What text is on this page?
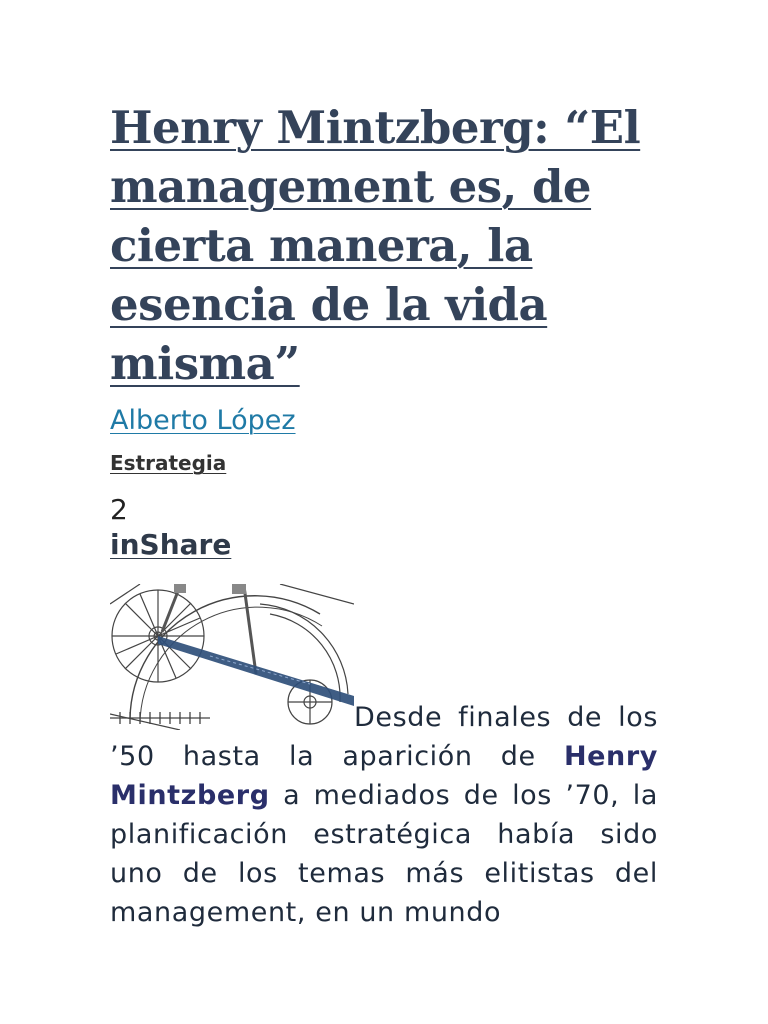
Henry Mintzberg: “El management es, de cierta manera, la esencia de la vida misma”
Alberto López
Estrategia
2
inShare

Desde finales de los ’50 hasta la aparición de Henry Mintzberg a mediados de los ’70, la planificación estratégica había sido uno de los temas más elitistas del management, en un mundo
